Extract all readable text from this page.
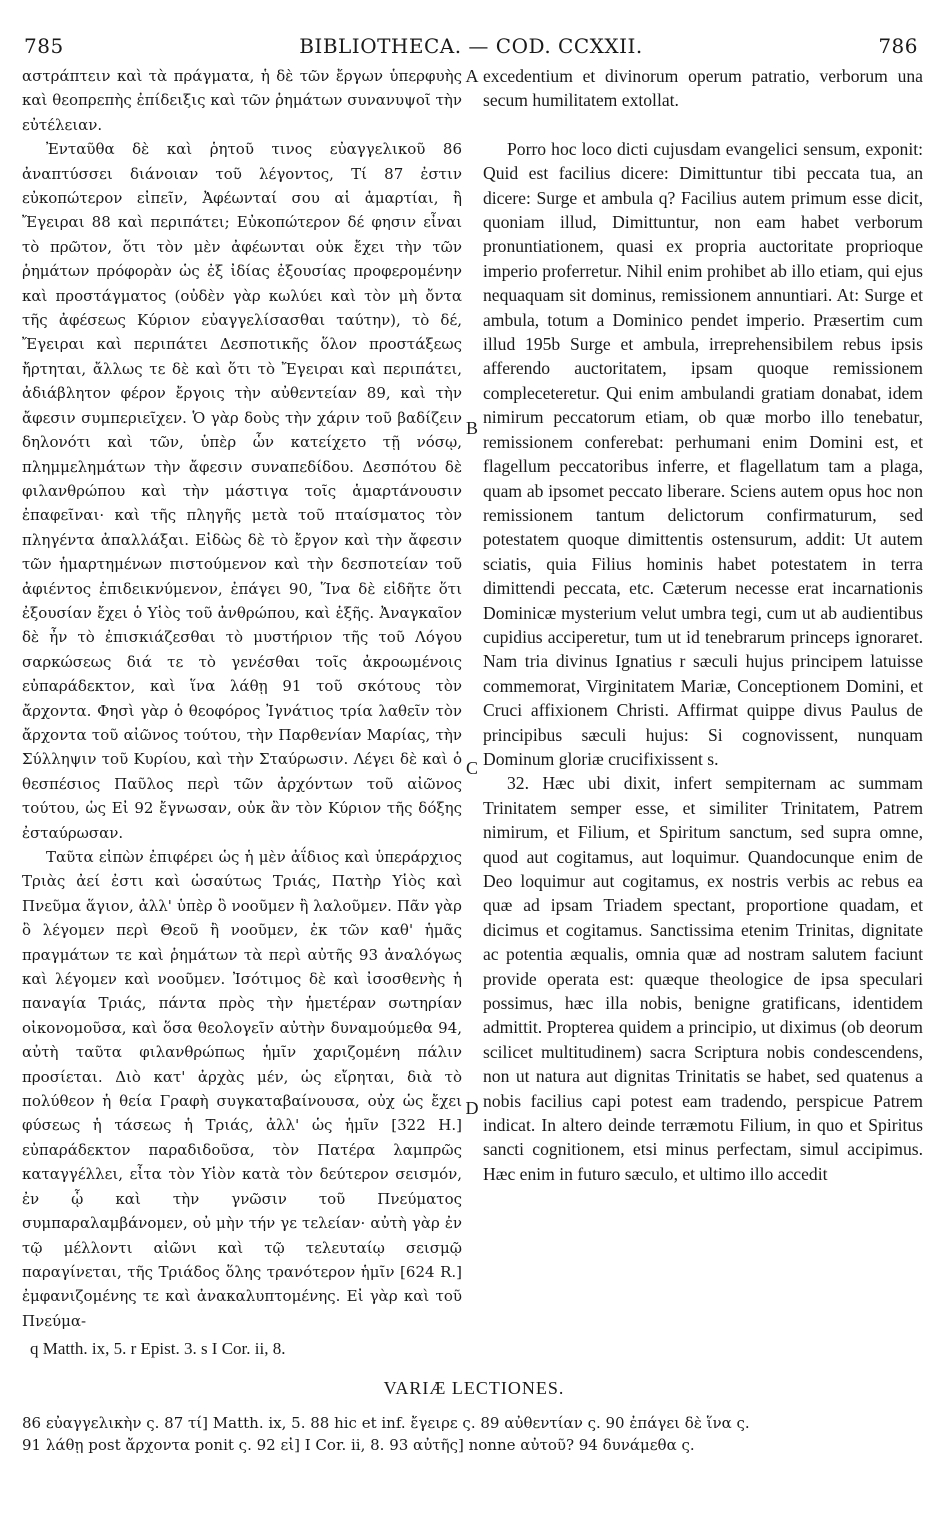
785	BIBLIOTHECA. — COD. CCXXII.	786

αστράπτειν καὶ τὰ πράγματα, ἡ δὲ τῶν ἔργων ὑπερφυὴς καὶ θεοπρεπὴς ἐπίδειξις καὶ τῶν ῥημάτων συνανυψοῖ τὴν εὐτέλειαν.

Ἐνταῦθα δὲ καὶ ῥητοῦ τινος εὐαγγελικοῦ 86 ἀναπτύσσει διάνοιαν τοῦ λέγοντος, Τί 87 ἐστιν εὐκοπώτερον εἰπεῖν, Ἀφέωνταί σου αἱ ἁμαρτίαι, ἢ Ἔγειραι 88 καὶ περιπάτει; Εὐκοπώτερον δέ φησιν εἶναι τὸ πρῶτον, ὅτι τὸν μὲν ἀφέωνται οὐκ ἔχει τὴν τῶν ῥημάτων πρόφορὰν ὡς ἐξ ἰδίας ἐξουσίας προφερομένην καὶ προστάγματος (οὐδὲν γὰρ κωλύει καὶ τὸν μὴ ὄντα τῆς ἀφέσεως Κύριον εὐαγγελίσασθαι ταύτην), τὸ δέ, Ἔγειραι καὶ περιπάτει Δεσποτικῆς ὅλον προστάξεως ἤρτηται, ἄλλως τε δὲ καὶ ὅτι τὸ Ἔγειραι καὶ περιπάτει, ἀδιάβλητον φέρον ἔργοις τὴν αὐθεντείαν 89, καὶ τὴν ἄφεσιν συμπεριεῖχεν. Ὁ γὰρ δοὺς τὴν χάριν τοῦ βαδίζειν δηλονότι καὶ τῶν, ὑπὲρ ὧν κατείχετο τῇ νόσῳ, πλημμελημάτων τὴν ἄφεσιν συναπεδίδου. Δεσπότου δὲ φιλανθρώπου καὶ τὴν μάστιγα τοῖς ἁμαρτάνουσιν ἐπαφεῖναι· καὶ τῆς πληγῆς μετὰ τοῦ πταίσματος τὸν πληγέντα ἀπαλλάξαι. Εἰδὼς δὲ τὸ ἔργον καὶ τὴν ἄφεσιν τῶν ἡμαρτημένων πιστούμενον καὶ τὴν δεσποτείαν τοῦ ἀφιέντος ἐπιδεικνύμενον, ἐπάγει 90, Ἵνα δὲ εἰδῆτε ὅτι ἐξουσίαν ἔχει ὁ Υἱὸς τοῦ ἀνθρώπου, καὶ ἑξῆς. Ἀναγκαῖον δὲ ἦν τὸ ἐπισκιάζεσθαι τὸ μυστήριον τῆς τοῦ Λόγου σαρκώσεως διά τε τὸ γενέσθαι τοῖς ἀκροωμένοις εὐπαράδεκτον, καὶ ἵνα λάθῃ 91 τοῦ σκότους τὸν ἄρχοντα. Φησὶ γὰρ ὁ θεοφόρος Ἰγνάτιος τρία λαθεῖν τὸν ἄρχοντα τοῦ αἰῶνος τούτου, τὴν Παρθενίαν Μαρίας, τὴν Σύλληψιν τοῦ Κυρίου, καὶ τὴν Σταύρωσιν. Λέγει δὲ καὶ ὁ θεσπέσιος Παῦλος περὶ τῶν ἀρχόντων τοῦ αἰῶνος τούτου, ὡς Εἰ 92 ἔγνωσαν, οὐκ ἂν τὸν Κύριον τῆς δόξης ἐσταύρωσαν.

Ταῦτα εἰπὼν ἐπιφέρει ὡς ἡ μὲν ἀΐδιος καὶ ὑπεράρχιος Τριὰς ἀεί ἐστι καὶ ὡσαύτως Τριάς, Πατὴρ Υἱὸς καὶ Πνεῦμα ἅγιον, ἀλλ' ὑπὲρ ὃ νοοῦμεν ἢ λαλοῦμεν. Πᾶν γὰρ ὃ λέγομεν περὶ Θεοῦ ἢ νοοῦμεν, ἐκ τῶν καθ' ἡμᾶς πραγμάτων τε καὶ ῥημάτων τὰ περὶ αὐτῆς 93 ἀναλόγως καὶ λέγομεν καὶ νοοῦμεν. Ἰσότιμος δὲ καὶ ἰσοσθενὴς ἡ παναγία Τριάς, πάντα πρὸς τὴν ἡμετέραν σωτηρίαν οἰκονομοῦσα, καὶ ὅσα θεολογεῖν αὐτὴν δυναμούμεθα 94, αὐτὴ ταῦτα φιλανθρώπως ἡμῖν χαριζομένη πάλιν προσίεται. Διὸ κατ' ἀρχὰς μέν, ὡς εἴρηται, διὰ τὸ πολύθεον ἡ θεία Γραφὴ συγκαταβαίνουσα, οὐχ ὡς ἔχει φύσεως ἡ τάσεως ἡ Τριάς, ἀλλ' ὡς ἡμῖν [322 Η.] εὐπαράδεκτον παραδιδοῦσα, τὸν Πατέρα λαμπρῶς καταγγέλλει, εἶτα τὸν Υἱὸν κατὰ τὸν δεύτερον σεισμόν, ἐν ᾧ καὶ τὴν γνῶσιν τοῦ Πνεύματος συμπαραλαμβάνομεν, οὐ μὴν τήν γε τελείαν· αὐτὴ γὰρ ἐν τῷ μέλλοντι αἰῶνι καὶ τῷ τελευταίῳ σεισμῷ παραγίνεται, τῆς Τριάδος ὅλης τρανότερον ἡμῖν [624 R.] ἐμφανιζομένης τε καὶ ἀνακαλυπτομένης. Εἰ γὰρ καὶ τοῦ Πνεύμα-

A
B
C
D

excedentium et divinorum operum patratio, verborum una secum humilitatem extollat.

Porro hoc loco dicti cujusdam evangelici sensum, exponit: Quid est facilius dicere: Dimittuntur tibi peccata tua, an dicere: Surge et ambula q? Facilius autem primum esse dicit, quoniam illud, Dimittuntur, non eam habet verborum pronuntiationem, quasi ex propria auctoritate proprioque imperio proferretur. Nihil enim prohibet ab illo etiam, qui ejus nequaquam sit dominus, remissionem annuntiari. At: Surge et ambula, totum a Dominico pendet imperio. Præsertim cum illud 195b Surge et ambula, irreprehensibilem rebus ipsis afferendo auctoritatem, ipsam quoque remissionem compleceteretur. Qui enim ambulandi gratiam donabat, idem nimirum peccatorum etiam, ob quæ morbo illo tenebatur, remissionem conferebat: perhumani enim Domini est, et flagellum peccatoribus inferre, et flagellatum tam a plaga, quam ab ipsomet peccato liberare. Sciens autem opus hoc non remissionem tantum delictorum confirmaturum, sed potestatem quoque dimittentis ostensurum, addit: Ut autem sciatis, quia Filius hominis habet potestatem in terra dimittendi peccata, etc. Cæterum necesse erat incarnationis Dominicæ mysterium velut umbra tegi, cum ut ab audientibus cupidius acciperetur, tum ut id tenebrarum princeps ignoraret. Nam tria divinus Ignatius r sæculi hujus principem latuisse commemorat, Virginitatem Mariæ, Conceptionem Domini, et Cruci affixionem Christi. Affirmat quippe divus Paulus de principibus sæculi hujus: Si cognovissent, nunquam Dominum gloriæ crucifixissent s.

32. Hæc ubi dixit, infert sempiternam ac summam Trinitatem semper esse, et similiter Trinitatem, Patrem nimirum, et Filium, et Spiritum sanctum, sed supra omne, quod aut cogitamus, aut loquimur. Quandocunque enim de Deo loquimur aut cogitamus, ex nostris verbis ac rebus ea quæ ad ipsam Triadem spectant, proportione quadam, et dicimus et cogitamus. Sanctissima etenim Trinitas, dignitate ac potentia æqualis, omnia quæ ad nostram salutem faciunt provide operata est: quæque theologice de ipsa speculari possimus, hæc illa nobis, benigne gratificans, identidem admittit. Propterea quidem a principio, ut diximus (ob deorum scilicet multitudinem) sacra Scriptura nobis condescendens, non ut natura aut dignitas Trinitatis se habet, sed quatenus a nobis facilius capi potest eam tradendo, perspicue Patrem indicat. In altero deinde terræmotu Filium, in quo et Spiritus sancti cognitionem, etsi minus perfectam, simul accipimus. Hæc enim in futuro sæculo, et ultimo illo accedit

q Matth. ix, 5. r Epist. 3. s I Cor. ii, 8.
VARIÆ LECTIONES.

86 εὐαγγελικὴν ς. 87 τί] Matth. ix, 5. 88 hic et inf. ἔγειρε ς. 89 αὐθεντίαν ς. 90 ἐπάγει δὲ ἵνα ς.

91 λάθῃ post ἄρχοντα ponit ς. 92 εἰ] I Cor. ii, 8. 93 αὐτῆς] nonne αὐτοῦ? 94 δυνάμεθα ς.
